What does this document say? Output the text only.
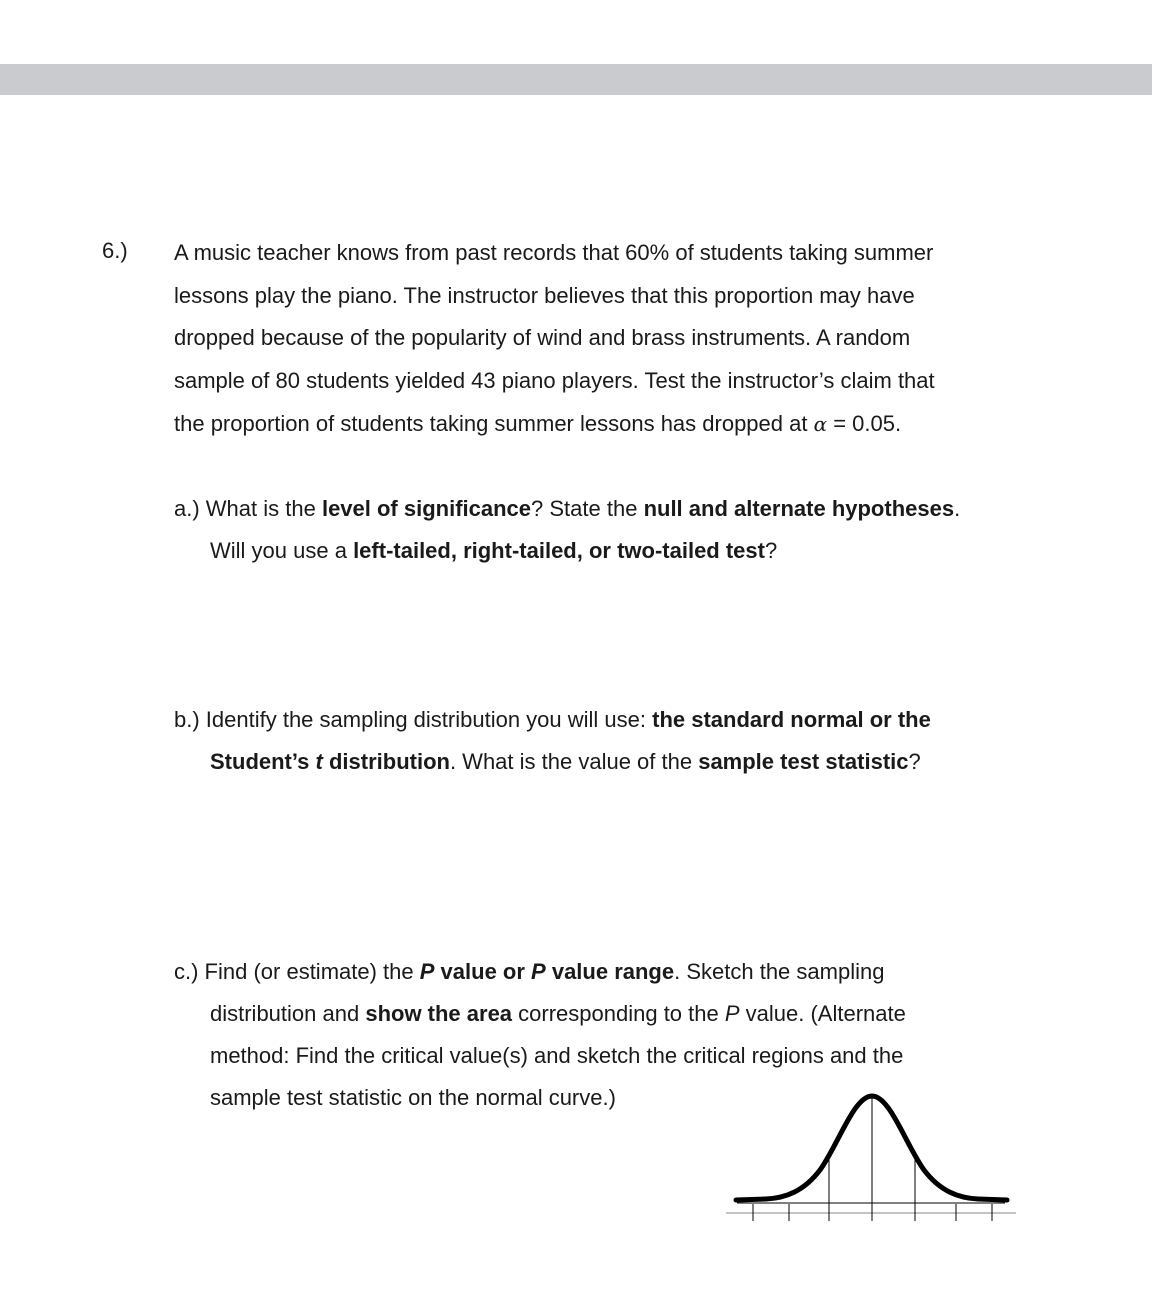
6.) A music teacher knows from past records that 60% of students taking summer
lessons play the piano. The instructor believes that this proportion may have
dropped because of the popularity of wind and brass instruments. A random
sample of 80 students yielded 43 piano players. Test the instructor’s claim that
the proportion of students taking summer lessons has dropped at α = 0.05.
a.) What is the level of significance? State the null and alternate hypotheses.
Will you use a left-tailed, right-tailed, or two-tailed test?
b.) Identify the sampling distribution you will use: the standard normal or the
Student’s t distribution. What is the value of the sample test statistic?
c.) Find (or estimate) the P value or P value range. Sketch the sampling
distribution and show the area corresponding to the P value. (Alternate
method: Find the critical value(s) and sketch the critical regions and the
sample test statistic on the normal curve.)
